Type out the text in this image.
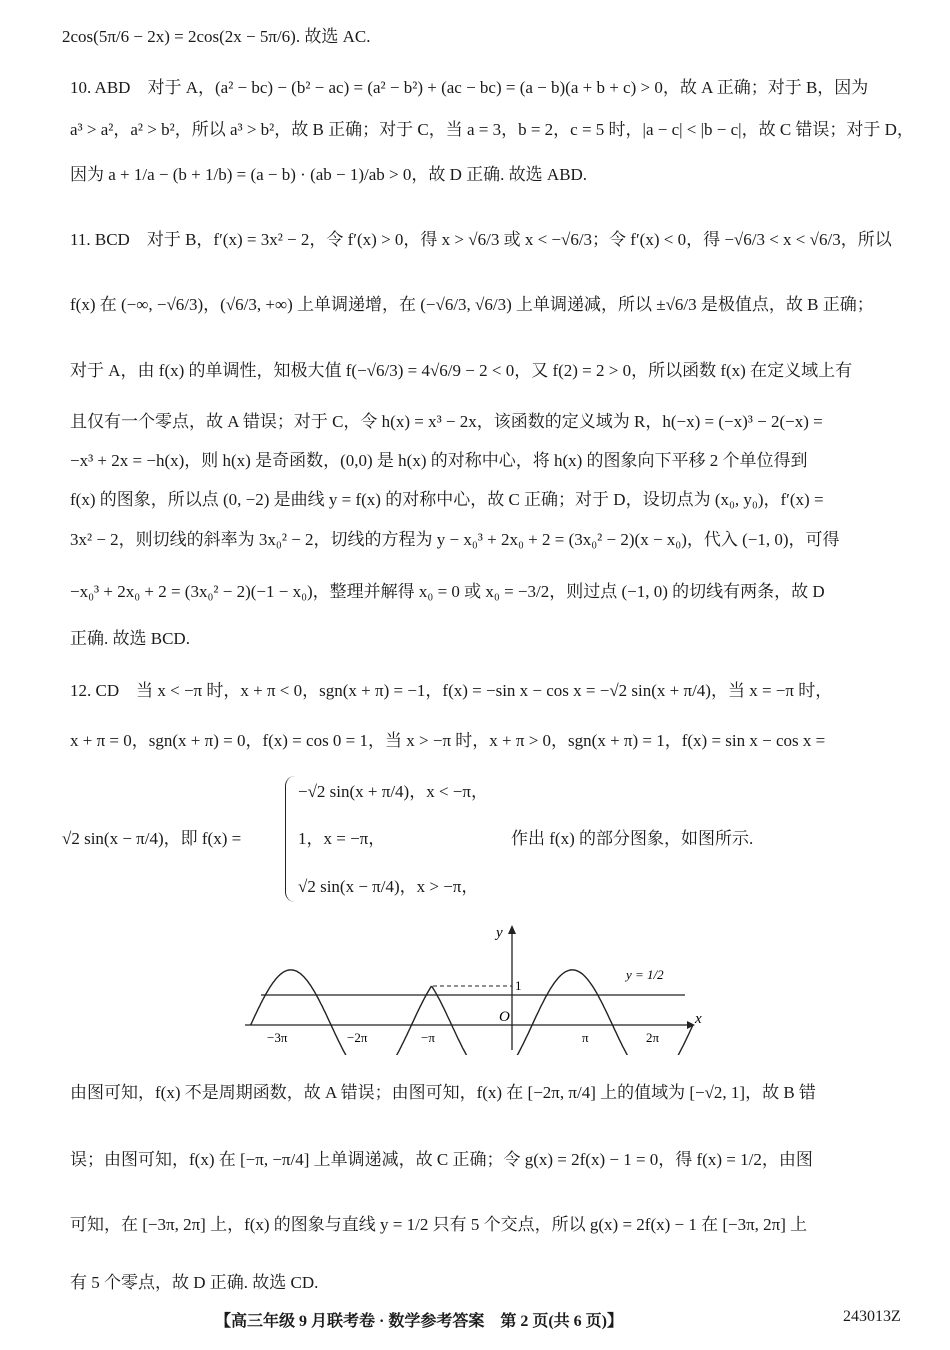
2cos(5π/6 − 2x) = 2cos(2x − 5π/6). 故选 AC.
10. ABD　对于 A，(a² − bc) − (b² − ac) = (a² − b²) + (ac − bc) = (a − b)(a + b + c) > 0，故 A 正确；对于 B，因为
a³ > a²，a² > b²，所以 a³ > b²，故 B 正确；对于 C，当 a = 3，b = 2，c = 5 时，|a − c| < |b − c|，故 C 错误；对于 D，
因为 a + 1/a − (b + 1/b) = (a − b) · (ab − 1)/ab > 0，故 D 正确. 故选 ABD.
11. BCD　对于 B，f′(x) = 3x² − 2，令 f′(x) > 0，得 x > √6/3 或 x < −√6/3；令 f′(x) < 0，得 −√6/3 < x < √6/3，所以
f(x) 在 (−∞, −√6/3)，(√6/3, +∞) 上单调递增，在 (−√6/3, √6/3) 上单调递减，所以 ±√6/3 是极值点，故 B 正确；
对于 A，由 f(x) 的单调性，知极大值 f(−√6/3) = 4√6/9 − 2 < 0，又 f(2) = 2 > 0，所以函数 f(x) 在定义域上有
且仅有一个零点，故 A 错误；对于 C，令 h(x) = x³ − 2x，该函数的定义域为 R，h(−x) = (−x)³ − 2(−x) =
−x³ + 2x = −h(x)，则 h(x) 是奇函数，(0,0) 是 h(x) 的对称中心，将 h(x) 的图象向下平移 2 个单位得到
f(x) 的图象，所以点 (0, −2) 是曲线 y = f(x) 的对称中心，故 C 正确；对于 D，设切点为 (x₀, y₀)，f′(x) =
3x² − 2，则切线的斜率为 3x₀² − 2，切线的方程为 y − x₀³ + 2x₀ + 2 = (3x₀² − 2)(x − x₀)，代入 (−1, 0)，可得
−x₀³ + 2x₀ + 2 = (3x₀² − 2)(−1 − x₀)，整理并解得 x₀ = 0 或 x₀ = −3/2，则过点 (−1, 0) 的切线有两条，故 D
正确. 故选 BCD.
12. CD　当 x < −π 时，x + π < 0，sgn(x + π) = −1，f(x) = −sin x − cos x = −√2 sin(x + π/4)，当 x = −π 时，
x + π = 0，sgn(x + π) = 0，f(x) = cos 0 = 1，当 x > −π 时，x + π > 0，sgn(x + π) = 1，f(x) = sin x − cos x =
√2 sin(x − π/4)，即 f(x) =
−√2 sin(x + π/4)，x < −π，
1，x = −π，
√2 sin(x − π/4)，x > −π，
作出 f(x) 的部分图象，如图所示.
y
x
O
1
y = 1/2
−3π	−2π	−π	π	2π
由图可知，f(x) 不是周期函数，故 A 错误；由图可知，f(x) 在 [−2π, π/4] 上的值域为 [−√2, 1]，故 B 错
误；由图可知，f(x) 在 [−π, −π/4] 上单调递减，故 C 正确；令 g(x) = 2f(x) − 1 = 0，得 f(x) = 1/2，由图
可知，在 [−3π, 2π] 上，f(x) 的图象与直线 y = 1/2 只有 5 个交点，所以 g(x) = 2f(x) − 1 在 [−3π, 2π] 上
有 5 个零点，故 D 正确. 故选 CD.
【高三年级 9 月联考卷 · 数学参考答案　第 2 页(共 6 页)】	243013Z
